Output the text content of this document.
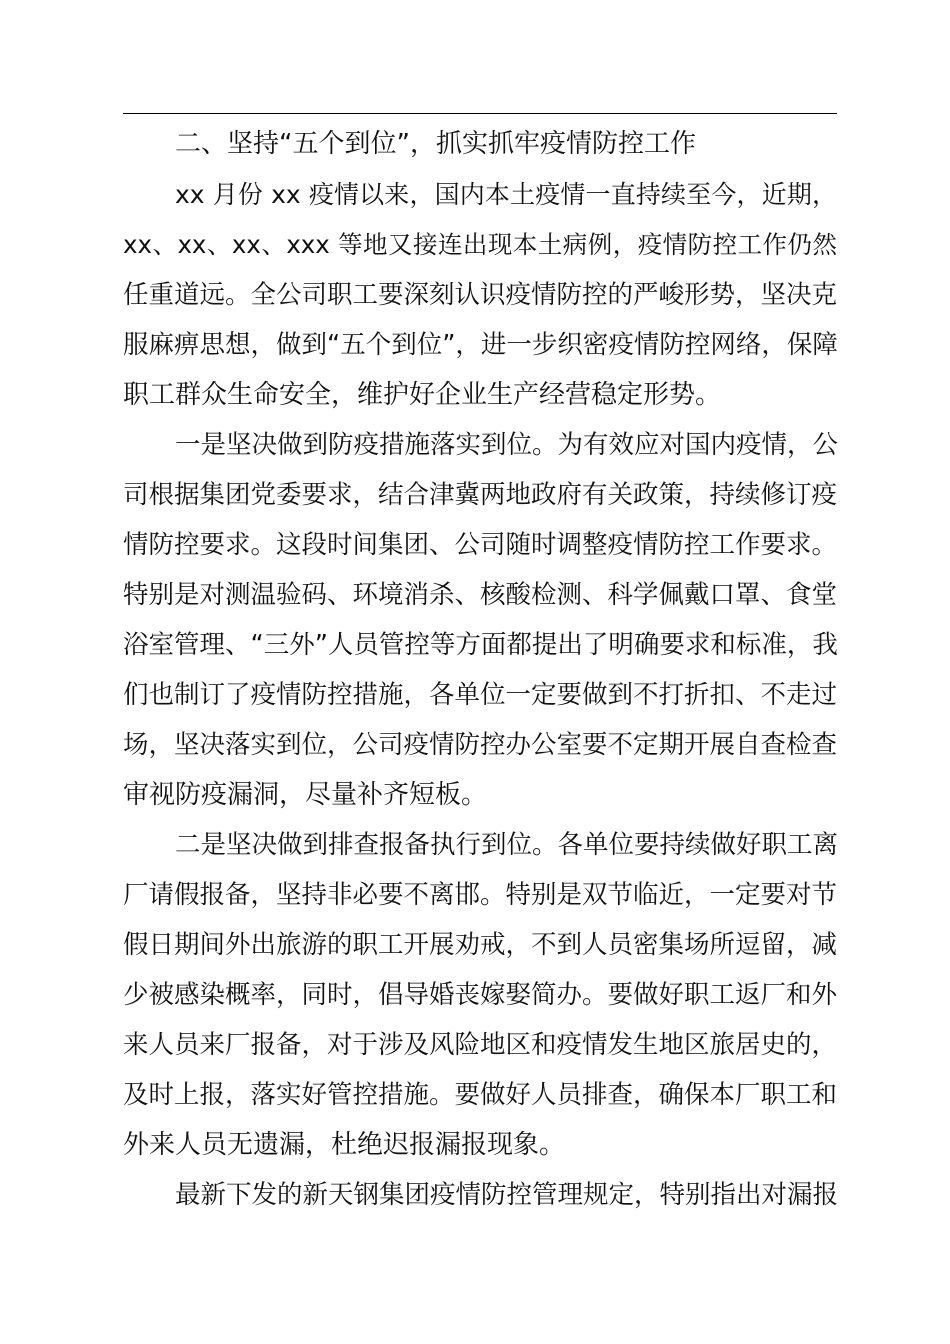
二、坚持“五个到位”，抓实抓牢疫情防控工作
xx 月份 xx 疫情以来，国内本土疫情一直持续至今，近期，
xx、xx、xx、xxx 等地又接连出现本土病例，疫情防控工作仍然
任重道远。全公司职工要深刻认识疫情防控的严峻形势，坚决克
服麻痹思想，做到“五个到位”，进一步织密疫情防控网络，保障
职工群众生命安全，维护好企业生产经营稳定形势。
一是坚决做到防疫措施落实到位。为有效应对国内疫情，公
司根据集团党委要求，结合津冀两地政府有关政策，持续修订疫
情防控要求。这段时间集团、公司随时调整疫情防控工作要求。
特别是对测温验码、环境消杀、核酸检测、科学佩戴口罩、食堂
浴室管理、“三外”人员管控等方面都提出了明确要求和标准，我
们也制订了疫情防控措施，各单位一定要做到不打折扣、不走过
场，坚决落实到位，公司疫情防控办公室要不定期开展自查检查
审视防疫漏洞，尽量补齐短板。
二是坚决做到排查报备执行到位。各单位要持续做好职工离
厂请假报备，坚持非必要不离邯。特别是双节临近，一定要对节
假日期间外出旅游的职工开展劝戒，不到人员密集场所逗留，减
少被感染概率，同时，倡导婚丧嫁娶简办。要做好职工返厂和外
来人员来厂报备，对于涉及风险地区和疫情发生地区旅居史的，
及时上报，落实好管控措施。要做好人员排查，确保本厂职工和
外来人员无遗漏，杜绝迟报漏报现象。
最新下发的新天钢集团疫情防控管理规定，特别指出对漏报
